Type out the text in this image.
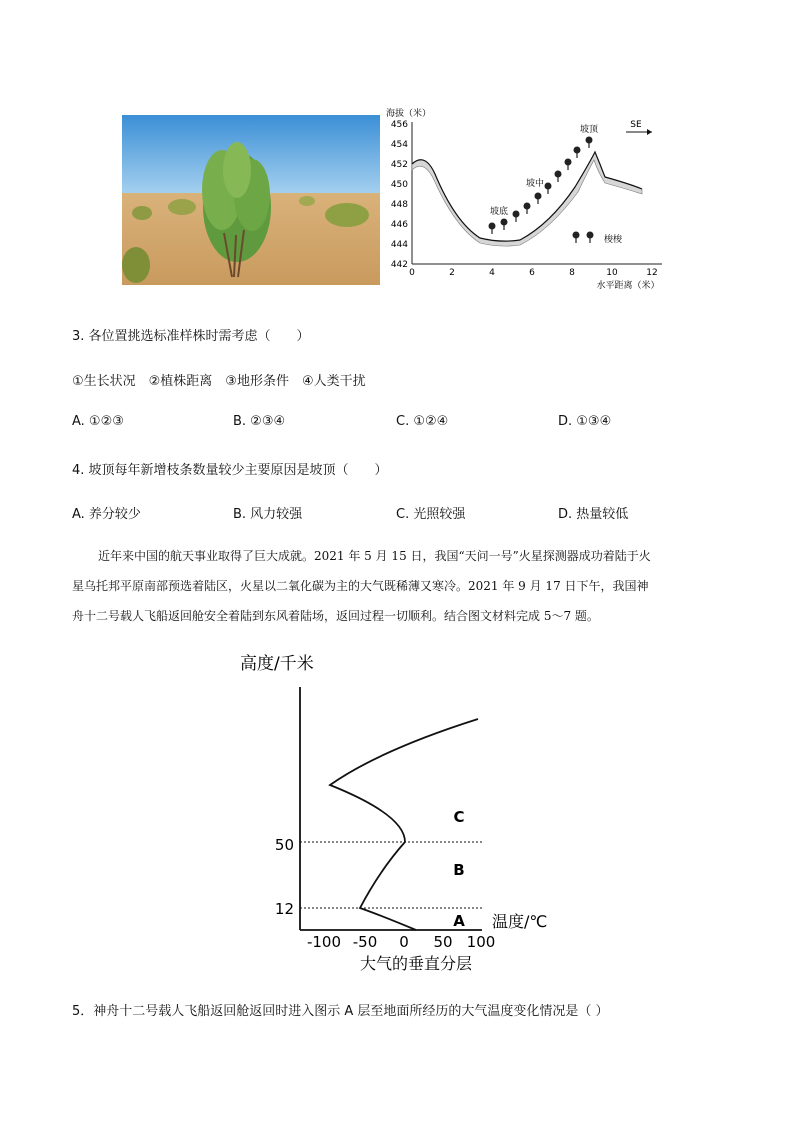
海拔（米）
456
454
452
450
448
446
444
442
0	2	4	6	8	10	12
水平距离（米）
SE
坡顶
坡中
坡底
梭梭
3. 各位置挑选标准样株时需考虑（　　）
①生长状况　②植株距离　③地形条件　④人类干扰
A. ①②③	B. ②③④	C. ①②④	D. ①③④
4. 坡顶每年新增枝条数量较少主要原因是坡顶（　　）
A. 养分较少	B. 风力较强	C. 光照较强	D. 热量较低
近年来中国的航天事业取得了巨大成就。2021 年 5 月 15 日，我国“天问一号”火星探测器成功着陆于火
星乌托邦平原南部预选着陆区，火星以二氧化碳为主的大气既稀薄又寒冷。2021 年 9 月 17 日下午，我国神
舟十二号载人飞船返回舱安全着陆到东风着陆场，返回过程一切顺利。结合图文材料完成 5～7 题。
高度/千米
50
12
C
B
A 温度/℃
-100 -50 0 50 100
大气的垂直分层
5．神舟十二号载人飞船返回舱返回时进入图示 A 层至地面所经历的大气温度变化情况是（ ）
